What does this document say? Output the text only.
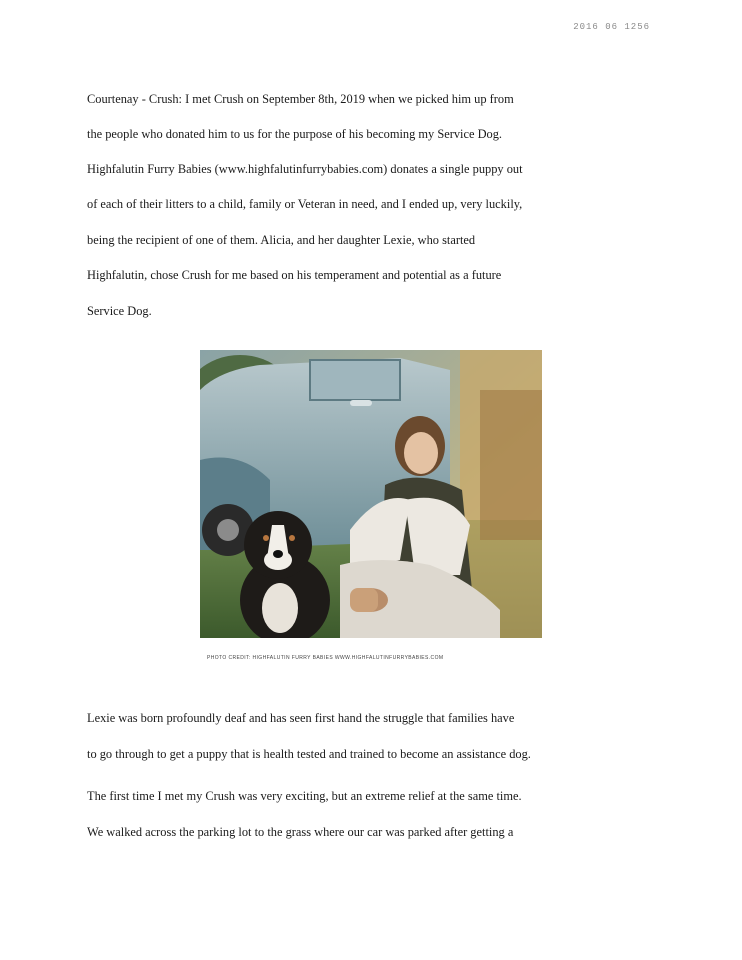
2016 06 1256
Courtenay - Crush: I met Crush on September 8th, 2019 when we picked him up from
the people who donated him to us for the purpose of his becoming my Service Dog.
Highfalutin Furry Babies (www.highfalutinfurrybabies.com) donates a single puppy out
of each of their litters to a child, family or Veteran in need, and I ended up, very luckily,
being the recipient of one of them. Alicia, and her daughter Lexie, who started
Highfalutin, chose Crush for me based on his temperament and potential as a future
Service Dog.
PHOTO CREDIT: HIGHFALUTIN FURRY BABIES WWW.HIGHFALUTINFURRYBABIES.COM
Lexie was born profoundly deaf and has seen first hand the struggle that families have
to go through to get a puppy that is health tested and trained to become an assistance dog.
The first time I met my Crush was very exciting, but an extreme relief at the same time.
We walked across the parking lot to the grass where our car was parked after getting a
